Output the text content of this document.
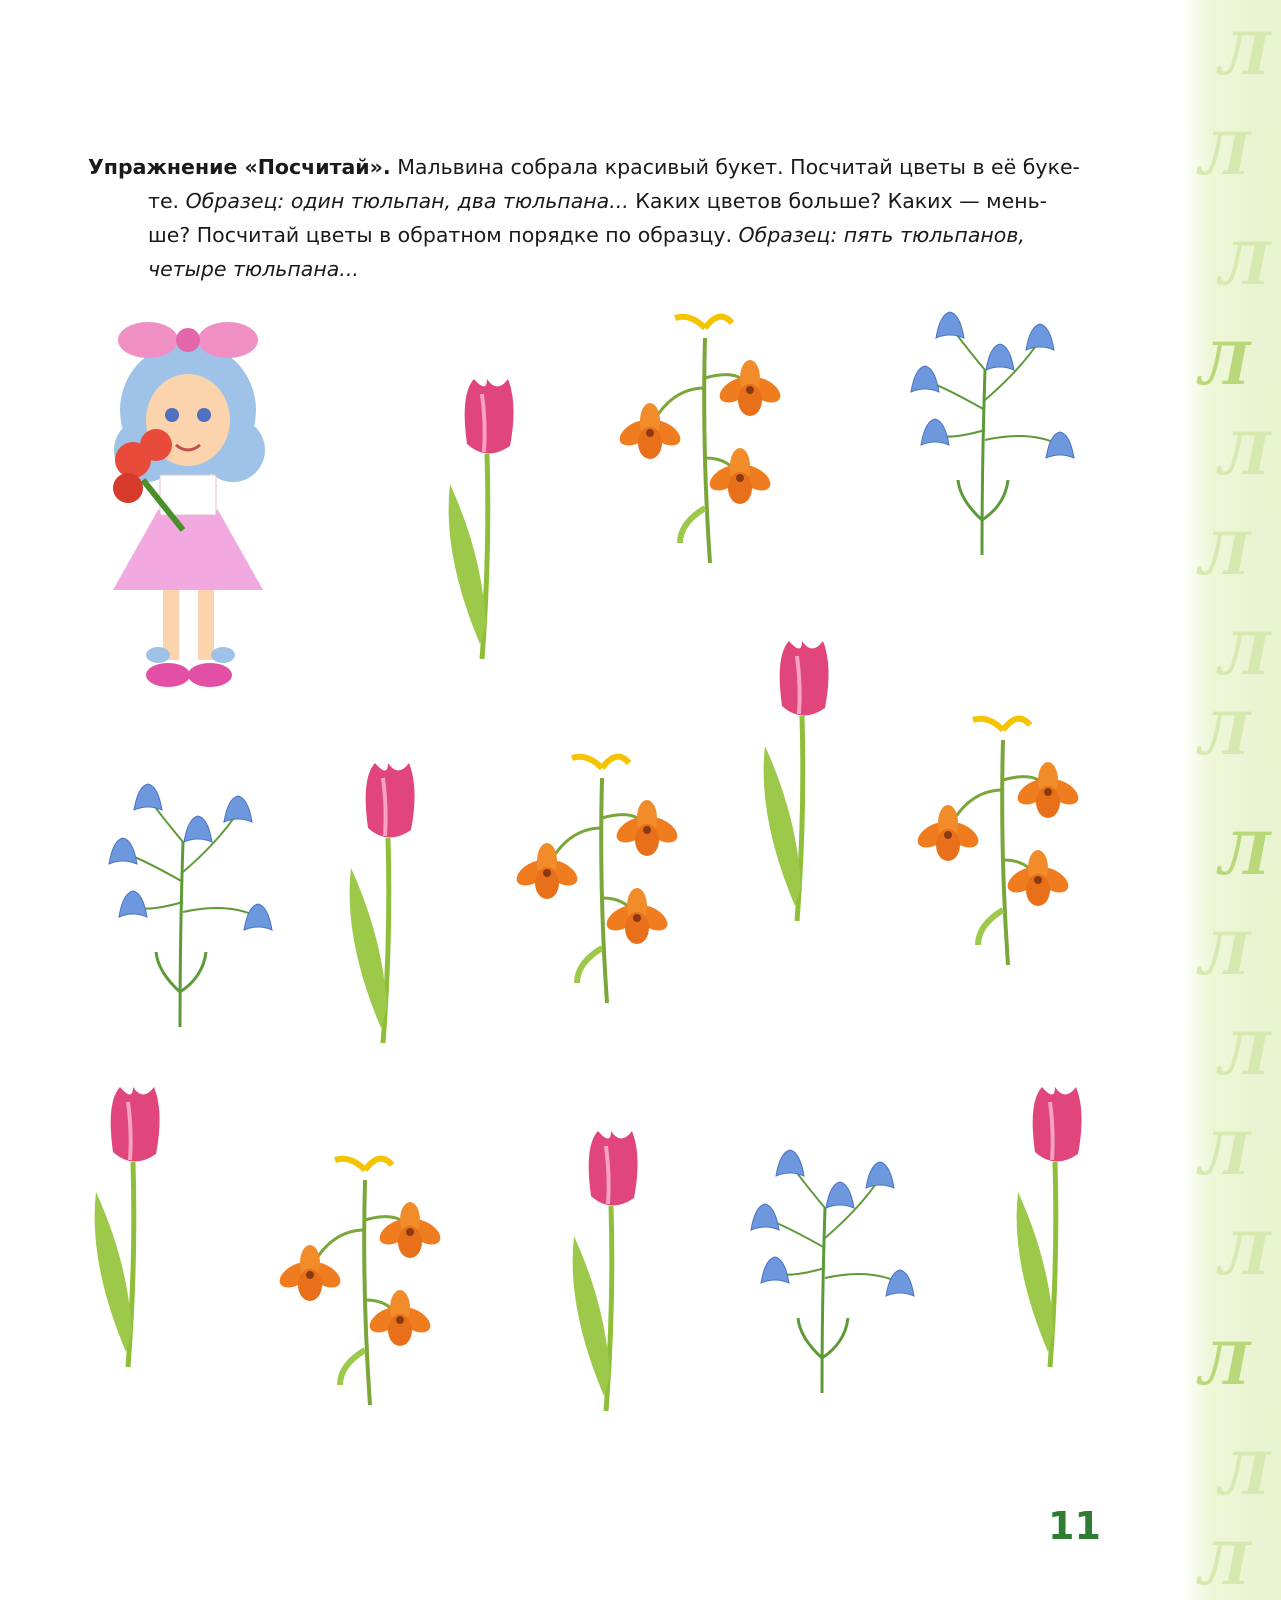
Л
Л
Л
Л
Л
Л
Л
Л
Л
Л
Л
Л
Л
Л
Л
Л
Упражнение «Посчитай». Мальвина собрала красивый букет. Посчитай цветы в её буке-
те. Образец: один тюльпан, два тюльпана... Каких цветов больше? Каких — мень-
ше? Посчитай цветы в обратном порядке по образцу. Образец: пять тюльпанов,
четыре тюльпана...
11
